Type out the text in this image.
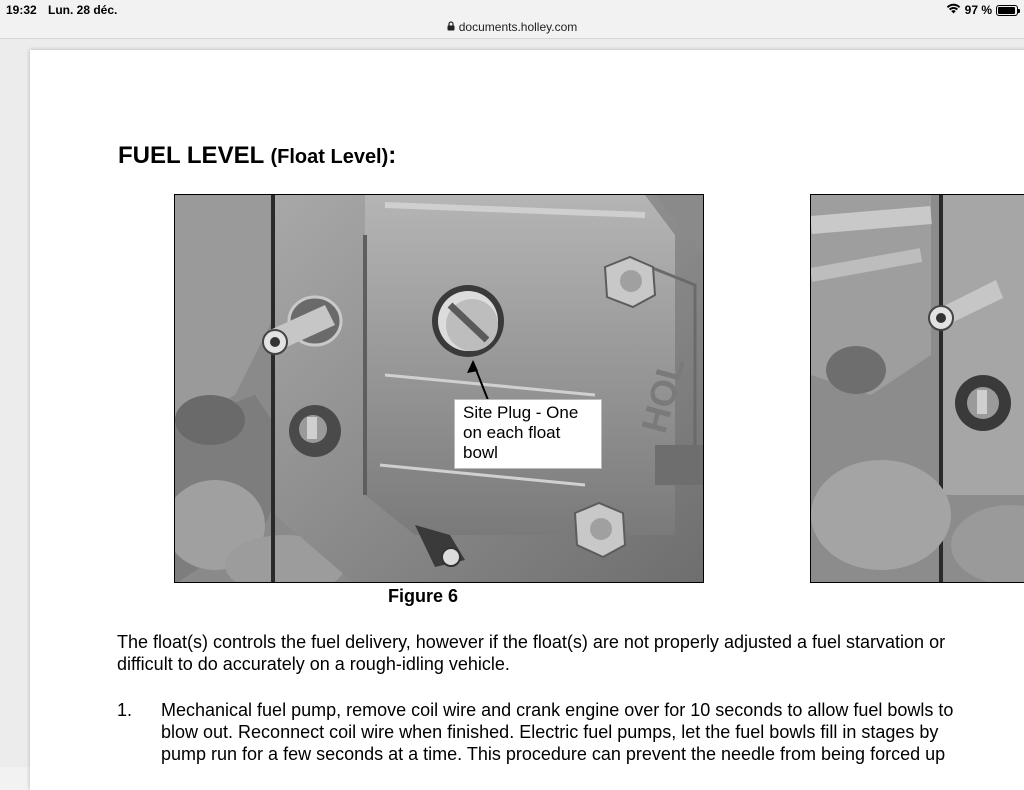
19:32 Lun. 28 déc.	97 %
documents.holley.com
FUEL LEVEL (Float Level):
HOL
Site Plug - One
on each float
bowl
Figure 6
The float(s) controls the fuel delivery, however if the float(s) are not properly adjusted a fuel starvation or
difficult to do accurately on a rough-idling vehicle.
1. Mechanical fuel pump, remove coil wire and crank engine over for 10 seconds to allow fuel bowls to
blow out. Reconnect coil wire when finished. Electric fuel pumps, let the fuel bowls fill in stages by
pump run for a few seconds at a time. This procedure can prevent the needle from being forced up
